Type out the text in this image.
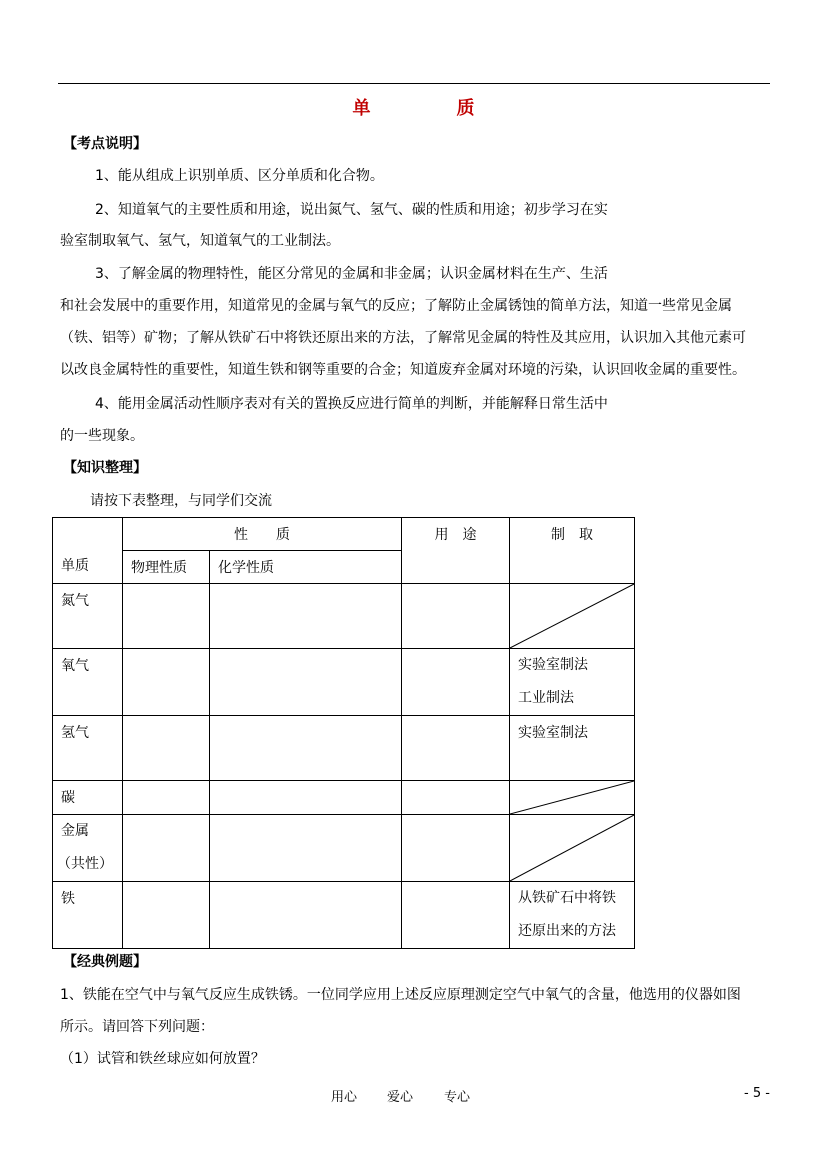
单　质
【考点说明】
1、能从组成上识别单质、区分单质和化合物。
2、知道氧气的主要性质和用途，说出氮气、氢气、碳的性质和用途；初步学习在实
验室制取氧气、氢气，知道氧气的工业制法。
3、了解金属的物理特性，能区分常见的金属和非金属；认识金属材料在生产、生活
和社会发展中的重要作用，知道常见的金属与氧气的反应；了解防止金属锈蚀的简单方法，知道一些常见金属
（铁、铝等）矿物；了解从铁矿石中将铁还原出来的方法，了解常见金属的特性及其应用，认识加入其他元素可
以改良金属特性的重要性，知道生铁和钢等重要的合金；知道废弃金属对环境的污染，认识回收金属的重要性。
4、能用金属活动性顺序表对有关的置换反应进行简单的判断，并能解释日常生活中
的一些现象。
【知识整理】
请按下表整理，与同学们交流
单质	性　　质		用　途	制　取

	物理性质	化学性质		

氮气

氧气				实验室制法
工业制法

氢气				实验室制法

碳

金属
（共性）

铁				从铁矿石中将铁
还原出来的方法
【经典例题】
1、铁能在空气中与氧气反应生成铁锈。一位同学应用上述反应原理测定空气中氧气的含量，他选用的仪器如图
所示。请回答下列问题：
（1）试管和铁丝球应如何放置？
用心 爱心 专心	- 5 -
